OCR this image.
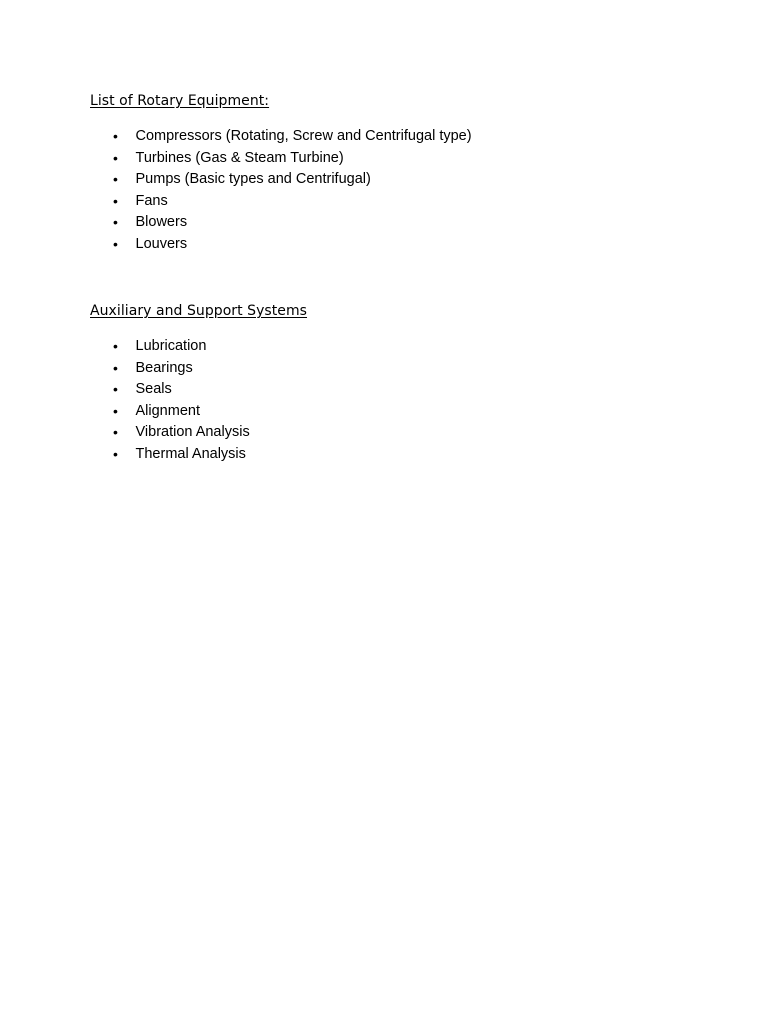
List of Rotary Equipment:
• Compressors (Rotating, Screw and Centrifugal type)
• Turbines (Gas & Steam Turbine)
• Pumps (Basic types and Centrifugal)
• Fans
• Blowers
• Louvers
Auxiliary and Support Systems
• Lubrication
• Bearings
• Seals
• Alignment
• Vibration Analysis
• Thermal Analysis
